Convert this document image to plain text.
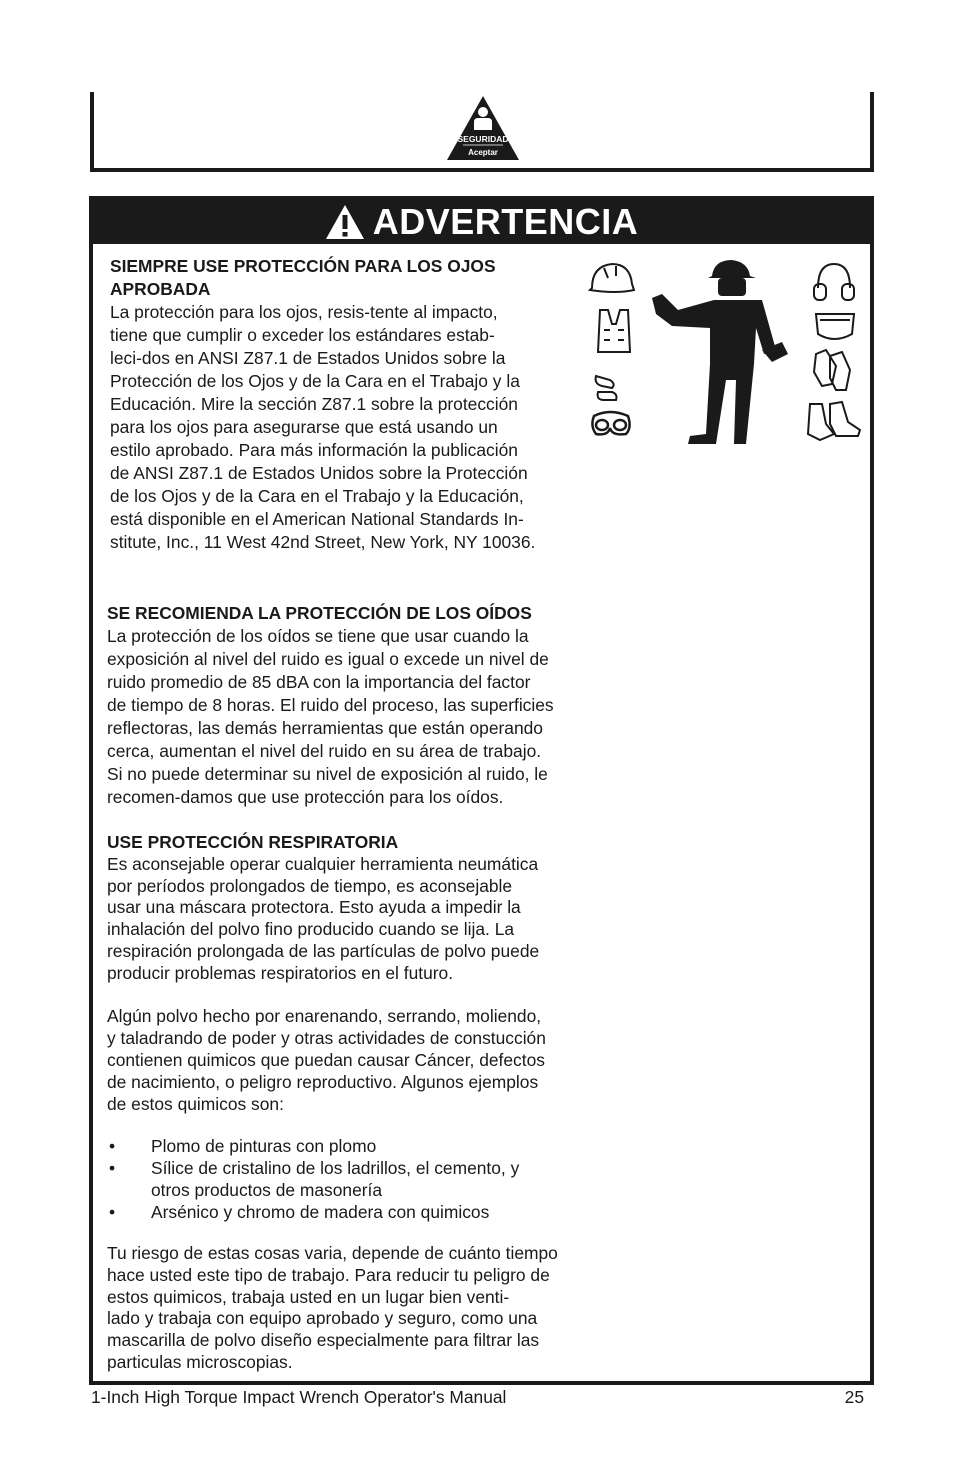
SEGURIDAD
Aceptar
ADVERTENCIA
SIEMPRE USE PROTECCIÓN PARA LOS OJOS
APROBADA
La protección para los ojos, resis-tente al impacto,
tiene que cumplir o exceder los estándares estab-
leci-dos en ANSI Z87.1 de Estados Unidos sobre la
Protección de los Ojos y de la Cara en el Trabajo y la
Educación. Mire la sección Z87.1 sobre la protección
para los ojos para asegurarse que está usando un
estilo aprobado. Para más información la publicación
de ANSI Z87.1 de Estados Unidos sobre la Protección
de los Ojos y de la Cara en el Trabajo y la Educación,
está disponible en el American National Standards In-
stitute, Inc., 11 West 42nd Street, New York, NY 10036.
SE RECOMIENDA LA PROTECCIÓN DE LOS OÍDOS
La protección de los oídos se tiene que usar cuando la
exposición al nivel del ruido es igual o excede un nivel de
ruido promedio de 85 dBA con la importancia del factor
de tiempo de 8 horas. El ruido del proceso, las superficies
reflectoras, las demás herramientas que están operando
cerca, aumentan el nivel del ruido en su área de trabajo.
Si no puede determinar su nivel de exposición al ruido, le
recomen-damos que use protección para los oídos.
USE PROTECCIÓN RESPIRATORIA
Es aconsejable operar cualquier herramienta neumática
por períodos prolongados de tiempo, es aconsejable
usar una máscara protectora. Esto ayuda a impedir la
inhalación del polvo fino producido cuando se lija. La
respiración prolongada de las partículas de polvo puede
producir problemas respiratorios en el futuro.
Algún polvo hecho por enarenando, serrando, moliendo,
y taladrando de poder y otras actividades de constucción
contienen quimicos que puedan causar Cáncer, defectos
de nacimiento, o peligro reproductivo. Algunos ejemplos
de estos quimicos son:
• Plomo de pinturas con plomo
• Sílice de cristalino de los ladrillos, el cemento, y
otros productos de masonería
• Arsénico y chromo de madera con quimicos
Tu riesgo de estas cosas varia, depende de cuánto tiempo
hace usted este tipo de trabajo. Para reducir tu peligro de
estos quimicos, trabaja usted en un lugar bien venti-
lado y trabaja con equipo aprobado y seguro, como una
mascarilla de polvo diseño especialmente para filtrar las
particulas microscopias.
1-Inch High Torque Impact Wrench Operator's Manual	25
